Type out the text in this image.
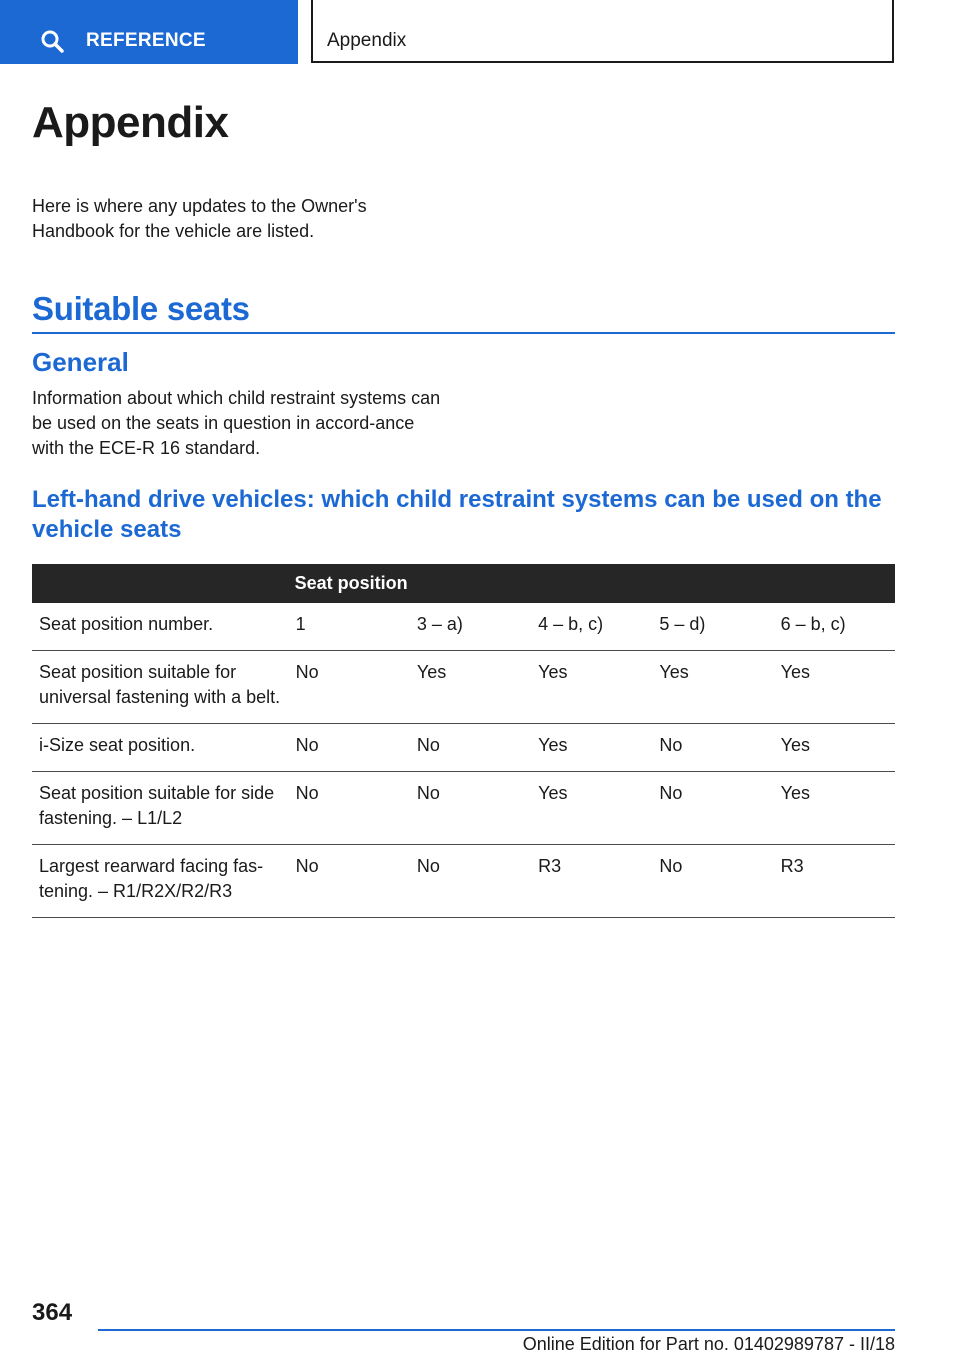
REFERENCE	Appendix
Appendix

Here is where any updates to the Owner's Handbook for the vehicle are listed.

Suitable seats
General

Information about which child restraint systems can be used on the seats in question in accord-ance with the ECE-R 16 standard.

Left-hand drive vehicles: which child restraint systems can be used on the vehicle seats
	Seat position				
Seat position number.	1	3 – a)	4 – b, c)	5 – d)	6 – b, c)
Seat position suitable for universal fastening with a belt.	No	Yes	Yes	Yes	Yes
i-Size seat position.	No	No	Yes	No	Yes
Seat position suitable for side fastening. – L1/L2	No	No	Yes	No	Yes
Largest rearward facing fas-tening. – R1/R2X/R2/R3	No	No	R3	No	R3

364

Online Edition for Part no. 01402989787 - II/18
